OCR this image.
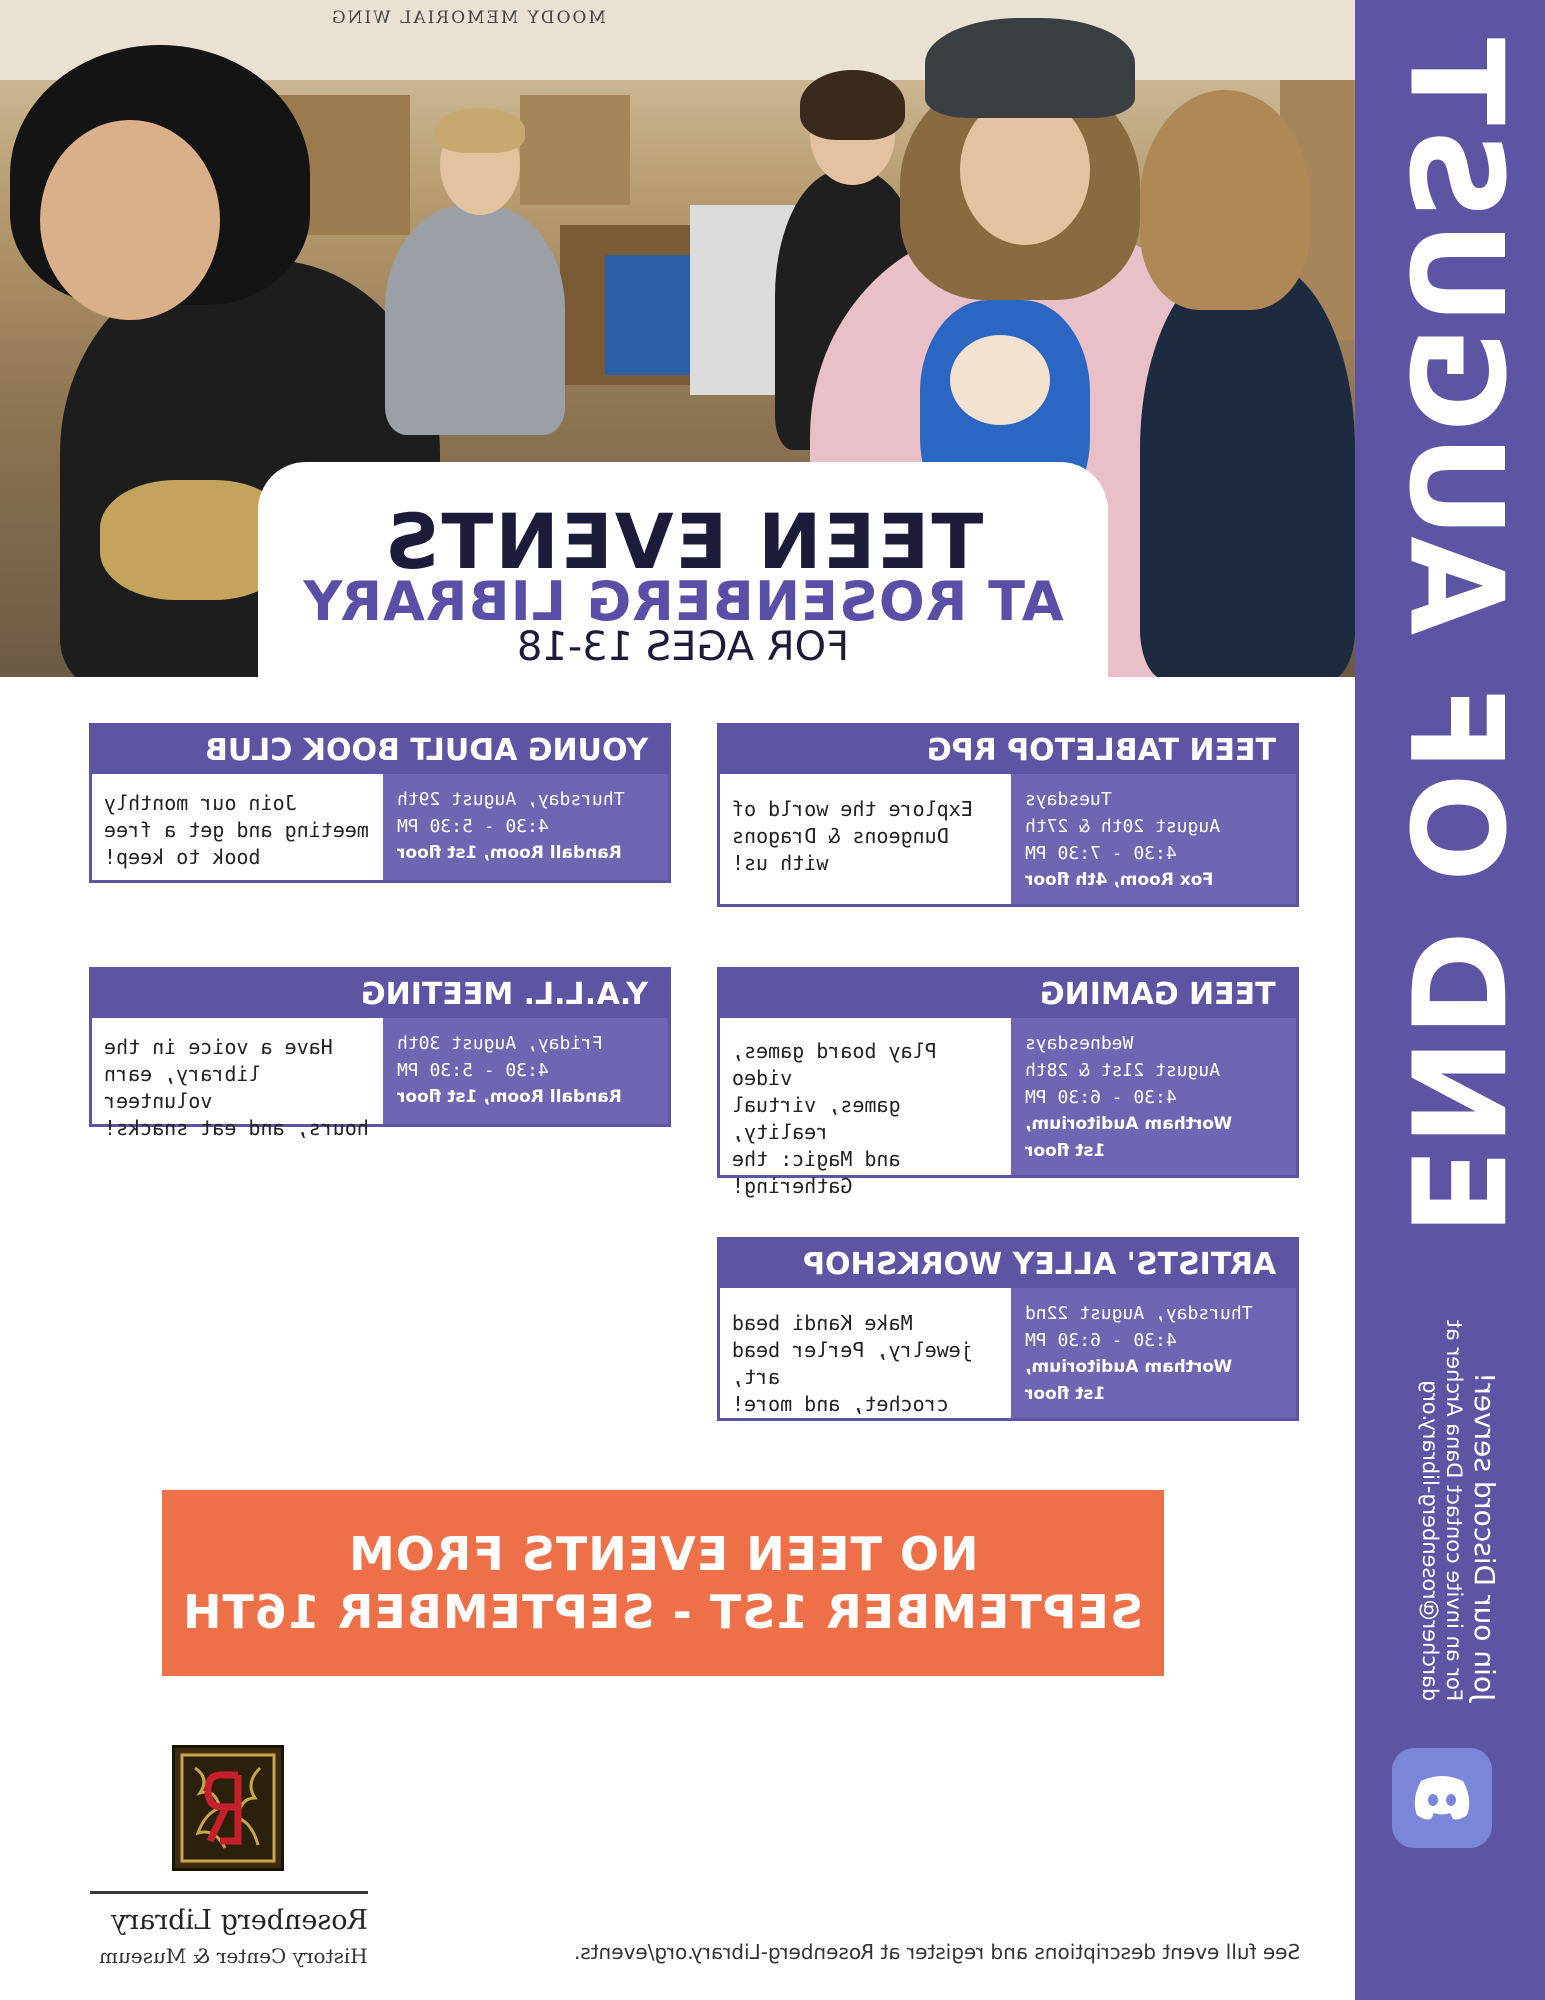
MOODY MEMORIAL WING
TEEN EVENTS
AT ROSENBERG LIBRARY
FOR AGES 13-18	END OF AUGUST
Join our Discord server!
For an invite contact Dana Archer at
darcher@rosenberg-library.org
TEEN TABLETOP RPG
Tuesdays
August 20th & 27th
4:30 - 7:30 PM
Fox Room, 4th floor
Explore the world of
Dungeons & Dragons
with us!
YOUNG ADULT BOOK CLUB
Thursday, August 29th
4:30 - 5:30 PM
Randall Room, 1st floor
Join our monthly
meeting and get a free
book to keep!
TEEN GAMING
Wednesdays
August 21st & 28th
4:30 - 6:30 PM
Wortham Auditorium,
1st floor
Play board games, video
games, virtual reality,
and Magic: the
Gathering!
Y.A.L.L. MEETING
Friday, August 30th
4:30 - 5:30 PM
Randall Room, 1st floor
Have a voice in the
library, earn volunteer
hours, and eat snacks!
ARTISTS' ALLEY WORKSHOP
Thursday, August 22nd
4:30 - 6:30 PM
Wortham Auditorium,
1st floor
Make Kandi bead
jewelry, Perler bead art,
crochet, and more!
NO TEEN EVENTS FROM
SEPTEMBER 1ST - SEPTEMBER 16TH
Rosenberg Library
History Center & Museum	See full event descriptions and register at Rosenberg-Library.org/events.
